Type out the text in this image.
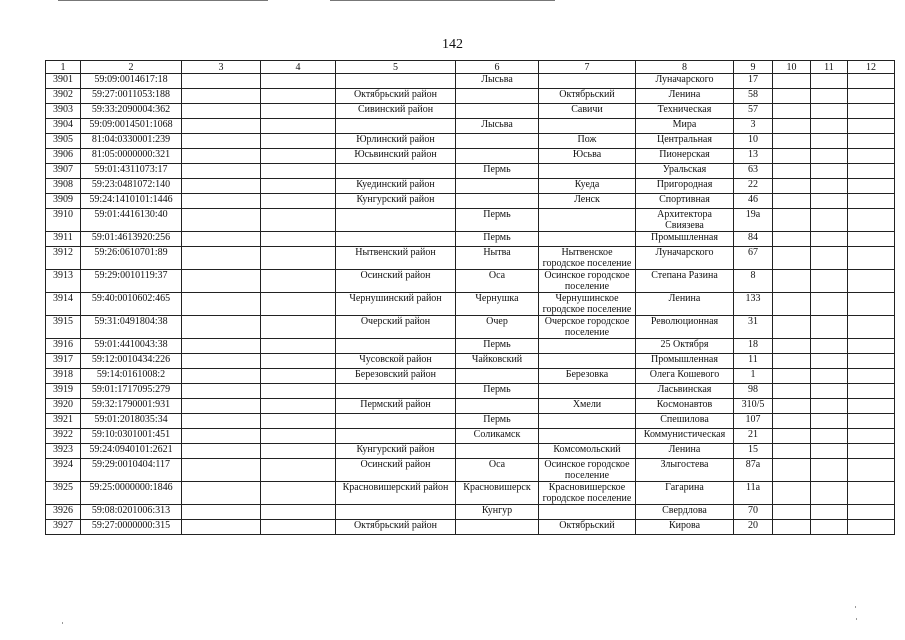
142
1	2	3	4	5	6	7	8	9	10	11	12
3901	59:09:0014617:18				Лысьва		Луначарского	17			
3902	59:27:0011053:188			Октябрьский район		Октябрьский	Ленина	58			
3903	59:33:2090004:362			Сивинский район		Савичи	Техническая	57			
3904	59:09:0014501:1068				Лысьва		Мира	3			
3905	81:04:0330001:239			Юрлинский район		Пож	Центральная	10			
3906	81:05:0000000:321			Юсьвинский район		Юсьва	Пионерская	13			
3907	59:01:4311073:17				Пермь		Уральская	63			
3908	59:23:0481072:140			Куединский район		Куеда	Пригородная	22			
3909	59:24:1410101:1446			Кунгурский район		Ленск	Спортивная	46			
3910	59:01:4416130:40				Пермь		Архитектора Свиязева	19а			
3911	59:01:4613920:256				Пермь		Промышленная	84			
3912	59:26:0610701:89			Нытвенский район	Нытва	Нытвенское городское поселение	Луначарского	67			
3913	59:29:0010119:37			Осинский район	Оса	Осинское городское поселение	Степана Разина	8			
3914	59:40:0010602:465			Чернушинский район	Чернушка	Чернушинское городское поселение	Ленина	133			
3915	59:31:0491804:38			Очерский район	Очер	Очерское городское поселение	Революционная	31			
3916	59:01:4410043:38				Пермь		25 Октября	18			
3917	59:12:0010434:226			Чусовской район	Чайковский		Промышленная	11			
3918	59:14:0161008:2			Березовский район		Березовка	Олега Кошевого	1			
3919	59:01:1717095:279				Пермь		Ласьвинская	98			
3920	59:32:1790001:931			Пермский район		Хмели	Космонавтов	310/5			
3921	59:01:2018035:34				Пермь		Спешилова	107			
3922	59:10:0301001:451				Соликамск		Коммунистическая	21			
3923	59:24:0940101:2621			Кунгурский район		Комсомольский	Ленина	15			
3924	59:29:0010404:117			Осинский район	Оса	Осинское городское поселение	Злыгостева	87а			
3925	59:25:0000000:1846			Красновишерский район	Красновишерск	Красновишерское городское поселение	Гагарина	11а			
3926	59:08:0201006:313				Кунгур		Свердлова	70			
3927	59:27:0000000:315			Октябрьский район		Октябрьский	Кирова	20			
